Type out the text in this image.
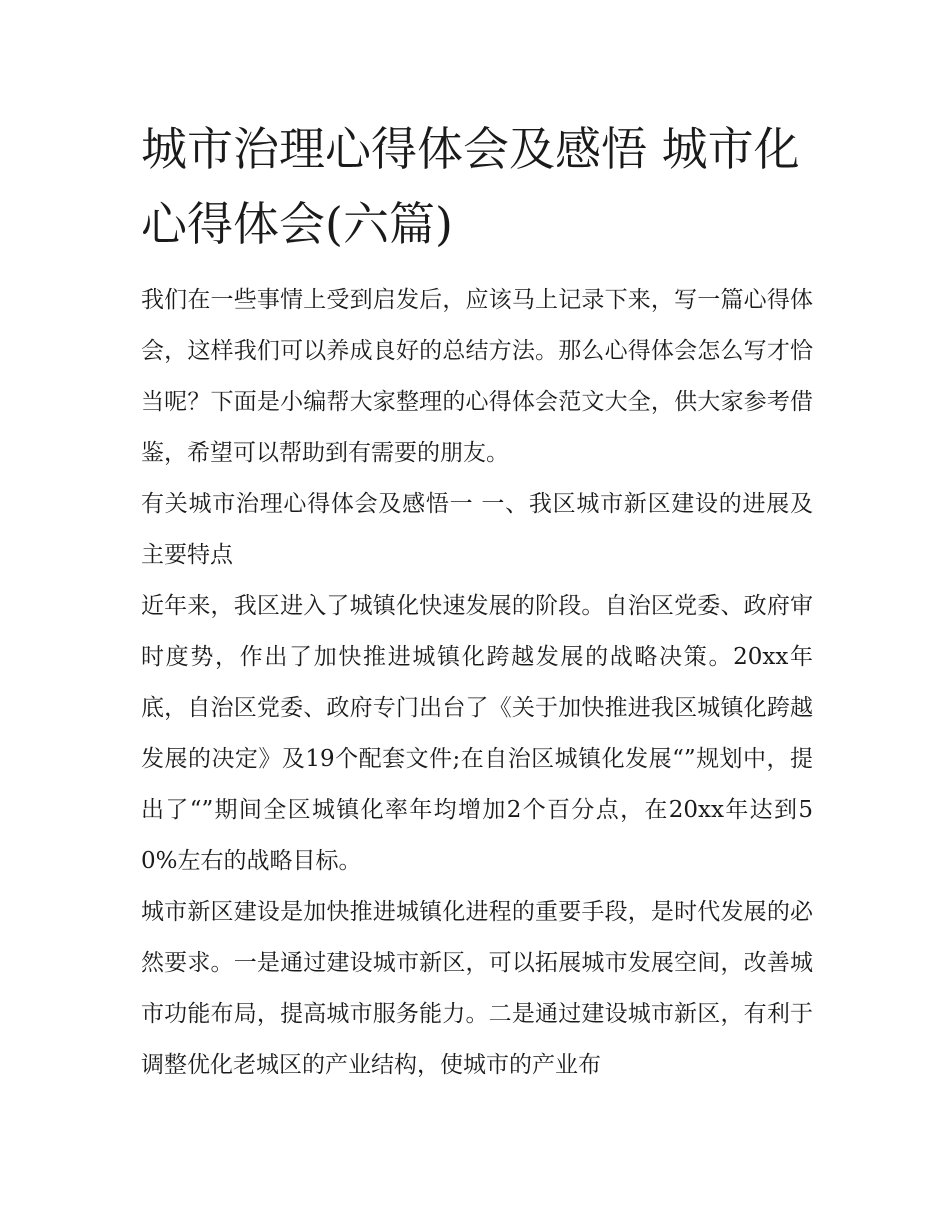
城市治理心得体会及感悟 城市化心得体会(六篇)

我们在一些事情上受到启发后，应该马上记录下来，写一篇心得体会，这样我们可以养成良好的总结方法。那么心得体会怎么写才恰当呢？下面是小编帮大家整理的心得体会范文大全，供大家参考借鉴，希望可以帮助到有需要的朋友。

有关城市治理心得体会及感悟一 一、我区城市新区建设的进展及主要特点

近年来，我区进入了城镇化快速发展的阶段。自治区党委、政府审时度势，作出了加快推进城镇化跨越发展的战略决策。20xx年底，自治区党委、政府专门出台了《关于加快推进我区城镇化跨越发展的决定》及19个配套文件;在自治区城镇化发展“”规划中，提出了“”期间全区城镇化率年均增加2个百分点，在20xx年达到50%左右的战略目标。

城市新区建设是加快推进城镇化进程的重要手段，是时代发展的必然要求。一是通过建设城市新区，可以拓展城市发展空间，改善城市功能布局，提高城市服务能力。二是通过建设城市新区，有利于调整优化老城区的产业结构，使城市的产业布
